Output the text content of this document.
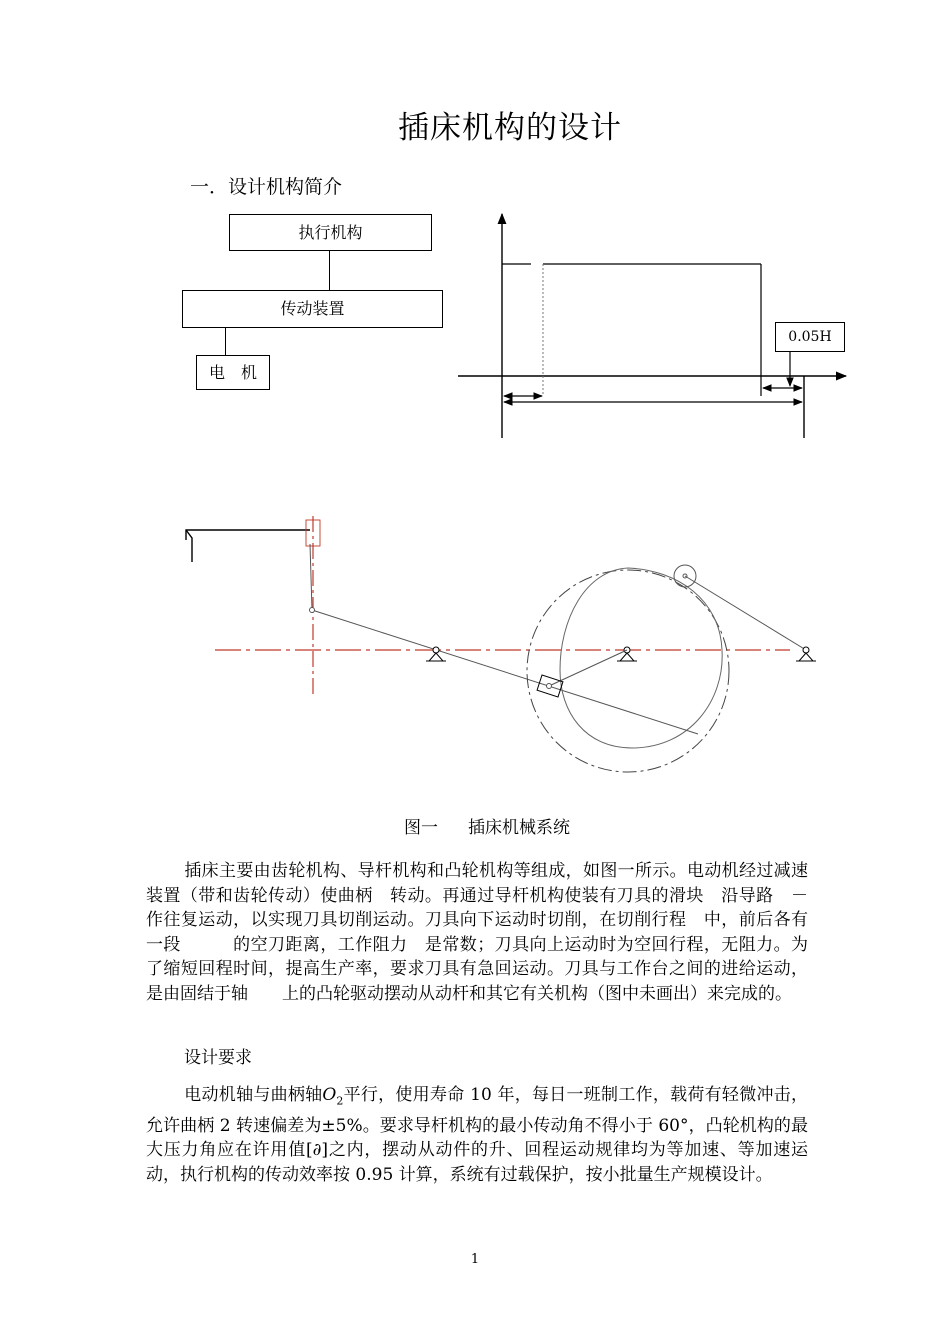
插床机构的设计
一．设计机构简介
执行机构
传动装置
电　机
0.05H
图一 插床机械系统
插床主要由齿轮机构、导杆机构和凸轮机构等组成，如图一所示。电动机经过减速装置（带和齿轮传动）使曲柄　转动。再通过导杆机构使装有刀具的滑块　沿导路　－　作往复运动，以实现刀具切削运动。刀具向下运动时切削，在切削行程　中，前后各有一段　　　的空刀距离，工作阻力　是常数；刀具向上运动时为空回行程，无阻力。为了缩短回程时间，提高生产率，要求刀具有急回运动。刀具与工作台之间的进给运动，是由固结于轴　　上的凸轮驱动摆动从动杆和其它有关机构（图中未画出）来完成的。
设计要求
电动机轴与曲柄轴$O_2$平行，使用寿命 10 年，每日一班制工作，载荷有轻微冲击，允许曲柄 2 转速偏差为±5%。要求导杆机构的最小传动角不得小于 60°，凸轮机构的最大压力角应在许用值[∂]之内，摆动从动件的升、回程运动规律均为等加速、等加速运动，执行机构的传动效率按 0.95 计算，系统有过载保护，按小批量生产规模设计。
1
